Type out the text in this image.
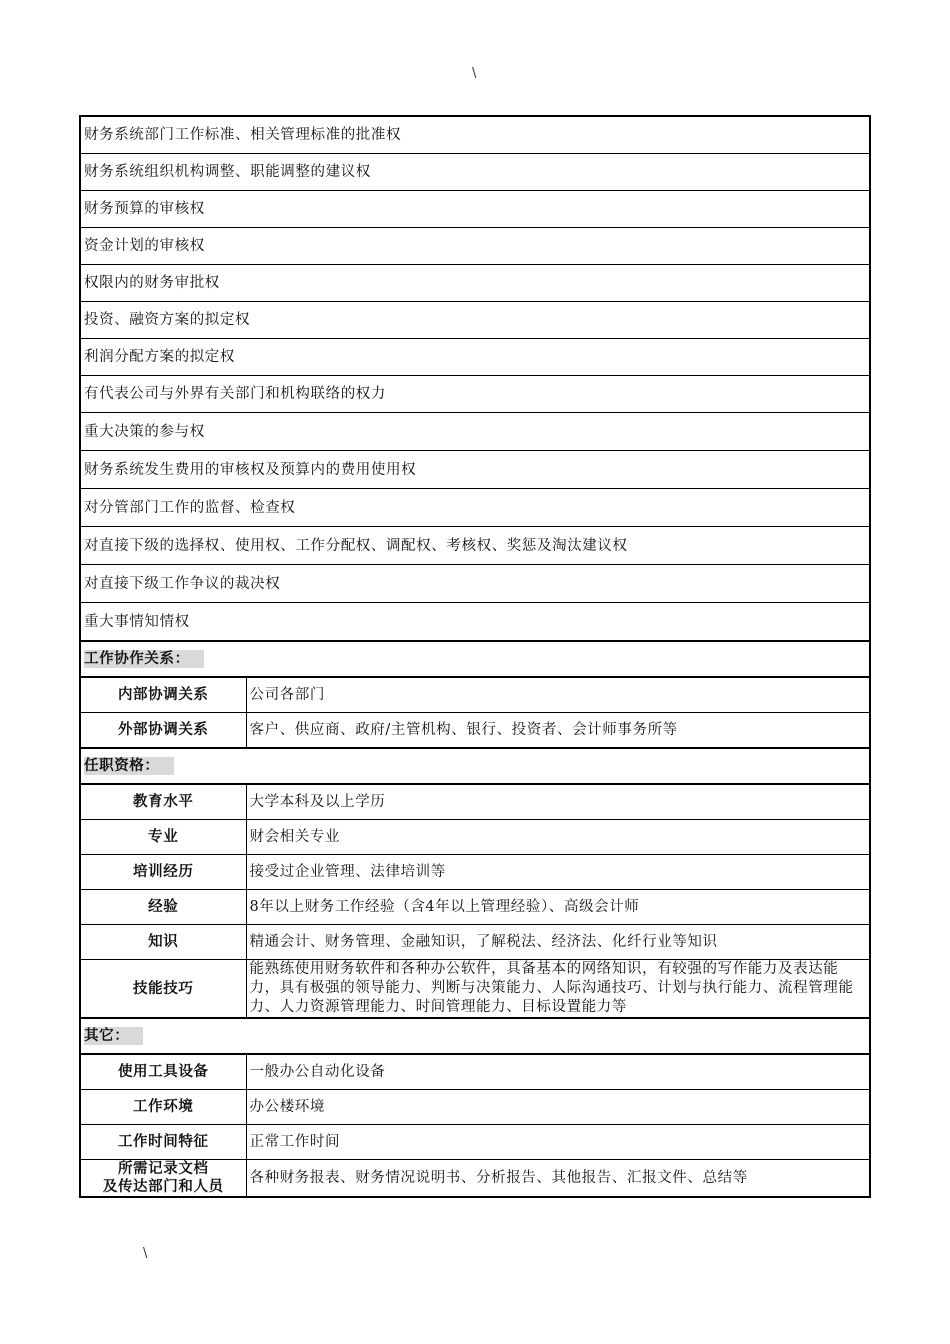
\
财务系统部门工作标准、相关管理标准的批准权	
财务系统组织机构调整、职能调整的建议权	
财务预算的审核权	
资金计划的审核权	
权限内的财务审批权	
投资、融资方案的拟定权	
利润分配方案的拟定权	
有代表公司与外界有关部门和机构联络的权力	
重大决策的参与权	
财务系统发生费用的审核权及预算内的费用使用权	
对分管部门工作的监督、检查权	
对直接下级的选择权、使用权、工作分配权、调配权、考核权、奖惩及淘汰建议权	
对直接下级工作争议的裁决权	
重大事情知情权	
工作协作关系：	
内部协调关系	公司各部门
外部协调关系	客户、供应商、政府/主管机构、银行、投资者、会计师事务所等
任职资格：	
教育水平	大学本科及以上学历
专业	财会相关专业
培训经历	接受过企业管理、法律培训等
经验	8年以上财务工作经验（含4年以上管理经验）、高级会计师
知识	精通会计、财务管理、金融知识，了解税法、经济法、化纤行业等知识
技能技巧	能熟练使用财务软件和各种办公软件，具备基本的网络知识，有较强的写作能力及表达能力，具有极强的领导能力、判断与决策能力、人际沟通技巧、计划与执行能力、流程管理能力、人力资源管理能力、时间管理能力、目标设置能力等
其它：	
使用工具设备	一般办公自动化设备
工作环境	办公楼环境
工作时间特征	正常工作时间

所需记录文档
及传达部门和人员	各种财务报表、财务情况说明书、分析报告、其他报告、汇报文件、总结等
\
